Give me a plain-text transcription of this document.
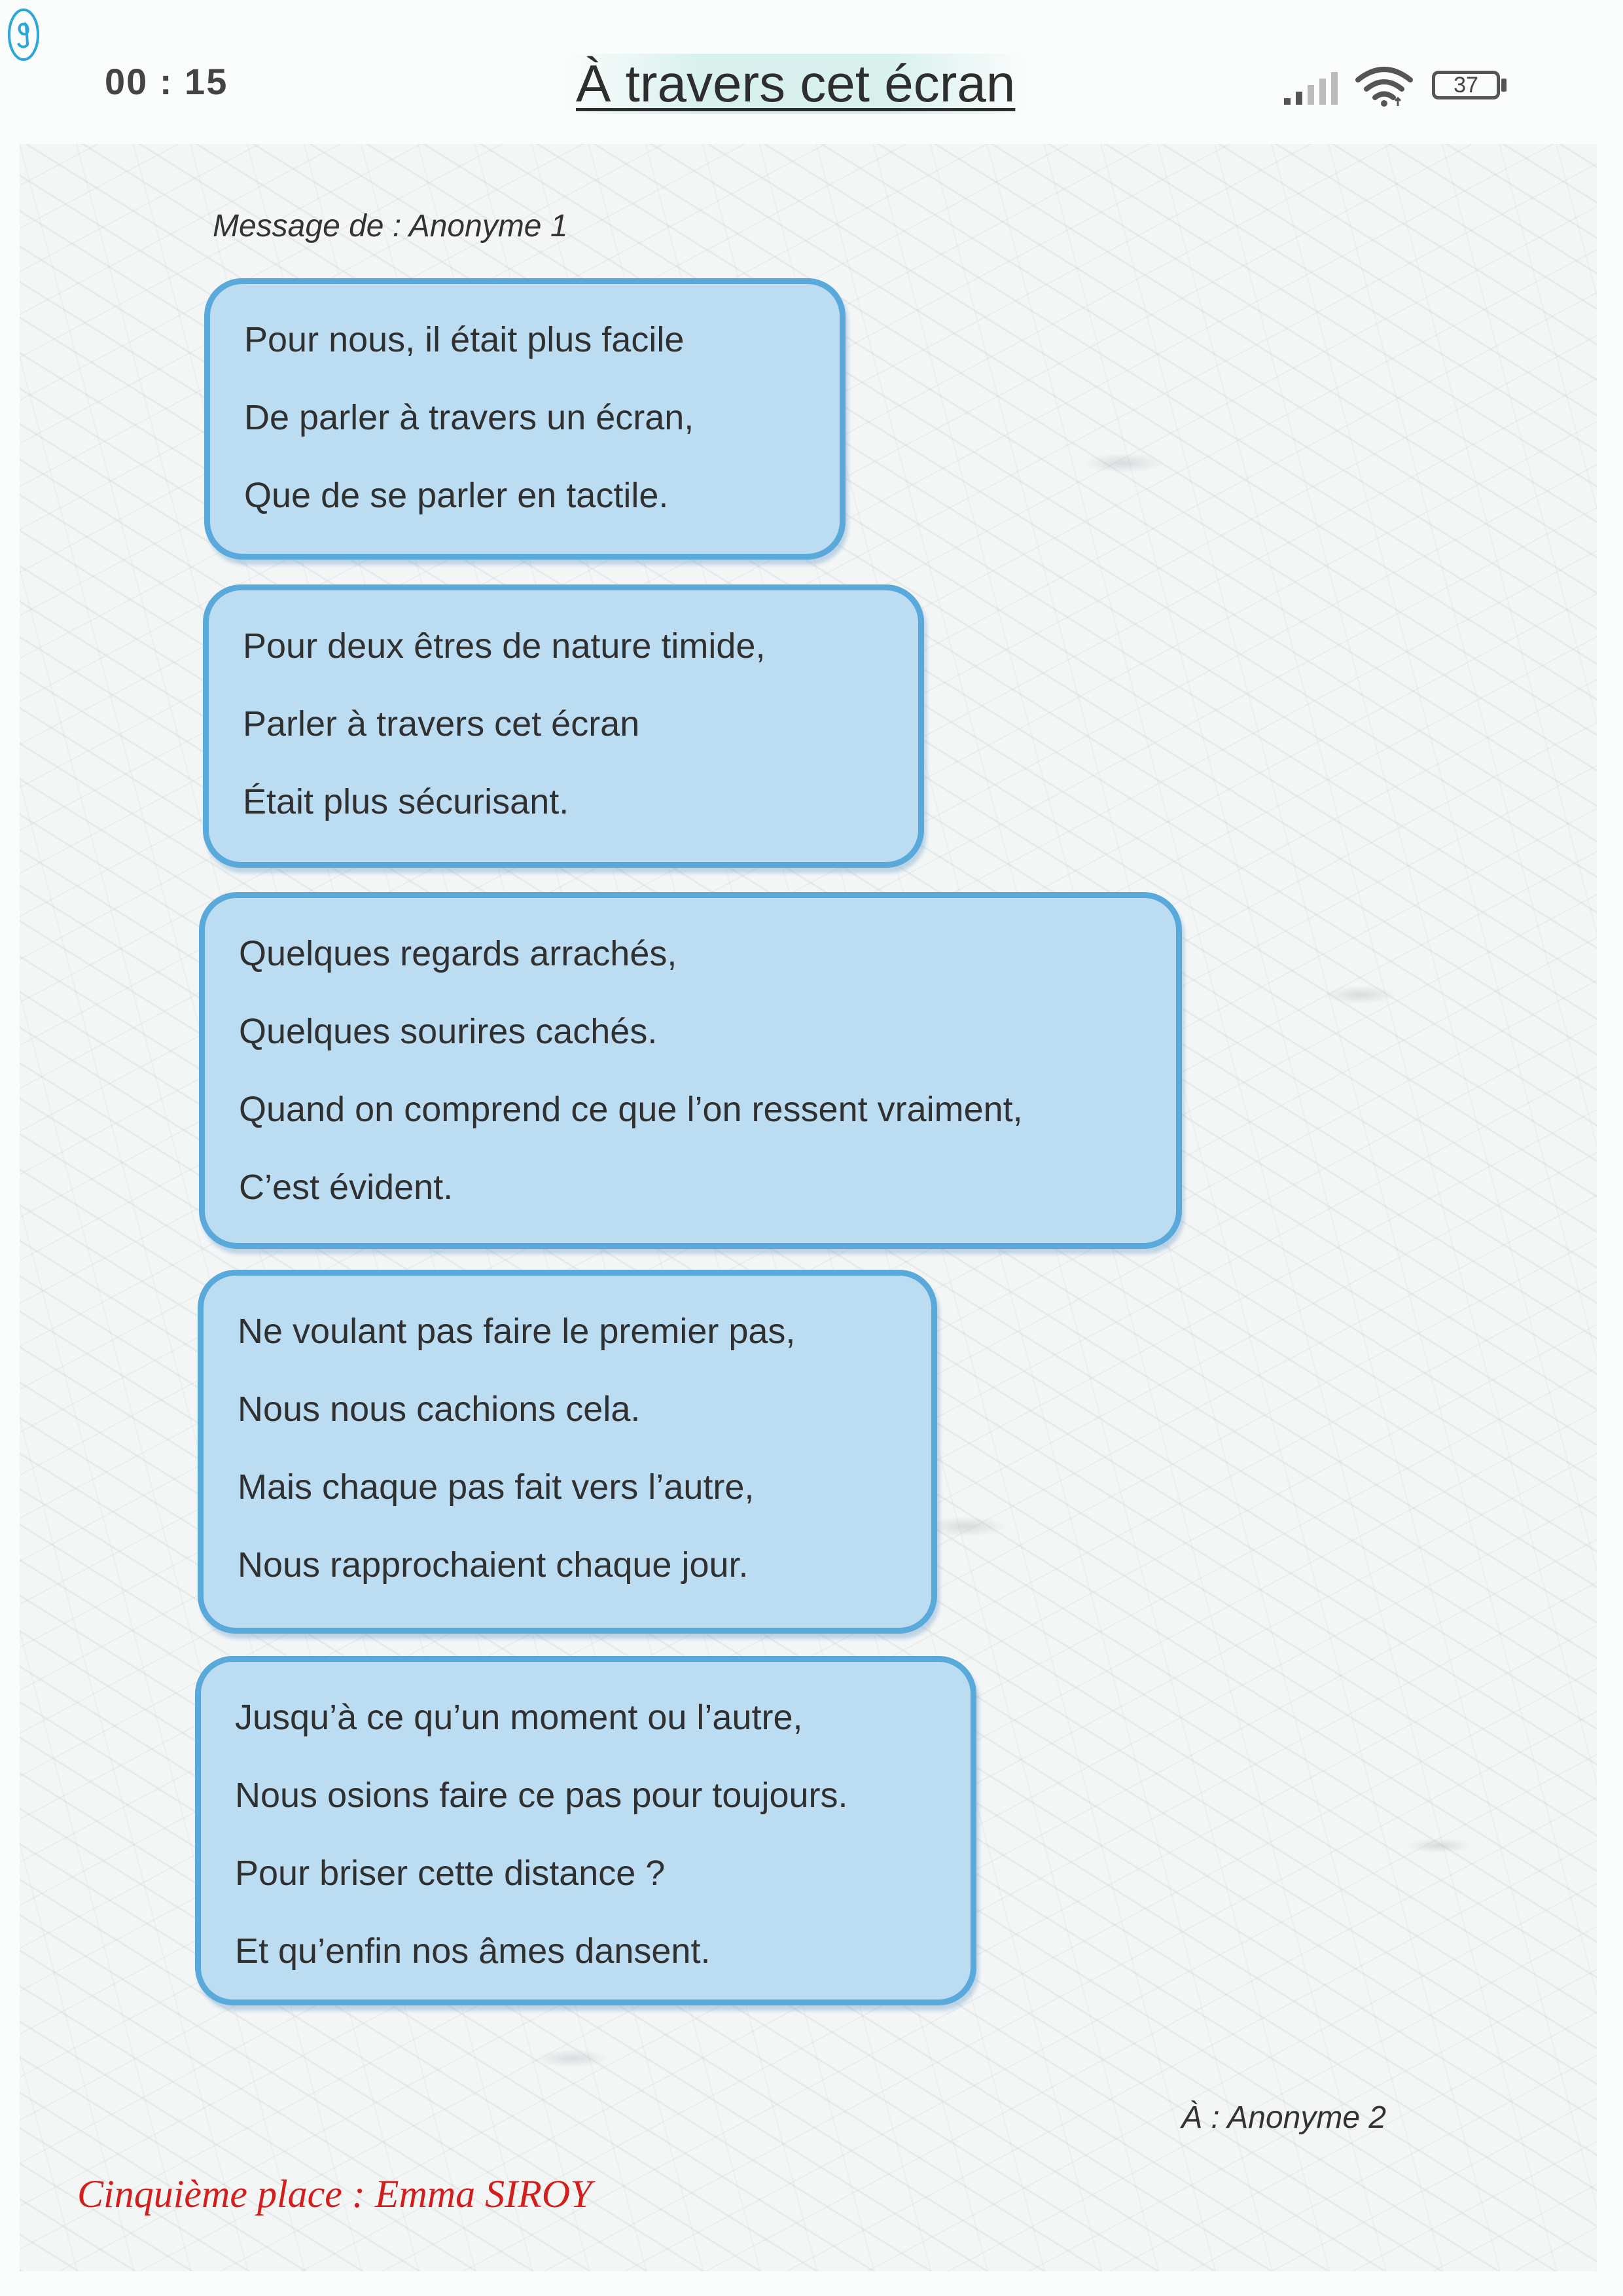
00 : 15	À travers cet écran	37
Message de : Anonyme 1
Pour nous, il était plus facile
De parler à travers un écran,
Que de se parler en tactile.
Pour deux êtres de nature timide,
Parler à travers cet écran
Était plus sécurisant.
Quelques regards arrachés,
Quelques sourires cachés.
Quand on comprend ce que l’on ressent vraiment,
C’est évident.
Ne voulant pas faire le premier pas,
Nous nous cachions cela.
Mais chaque pas fait vers l’autre,
Nous rapprochaient chaque jour.
Jusqu’à ce qu’un moment ou l’autre,
Nous osions faire ce pas pour toujours.
Pour briser cette distance ?
Et qu’enfin nos âmes dansent.
À : Anonyme 2
Cinquième place : Emma SIROY
